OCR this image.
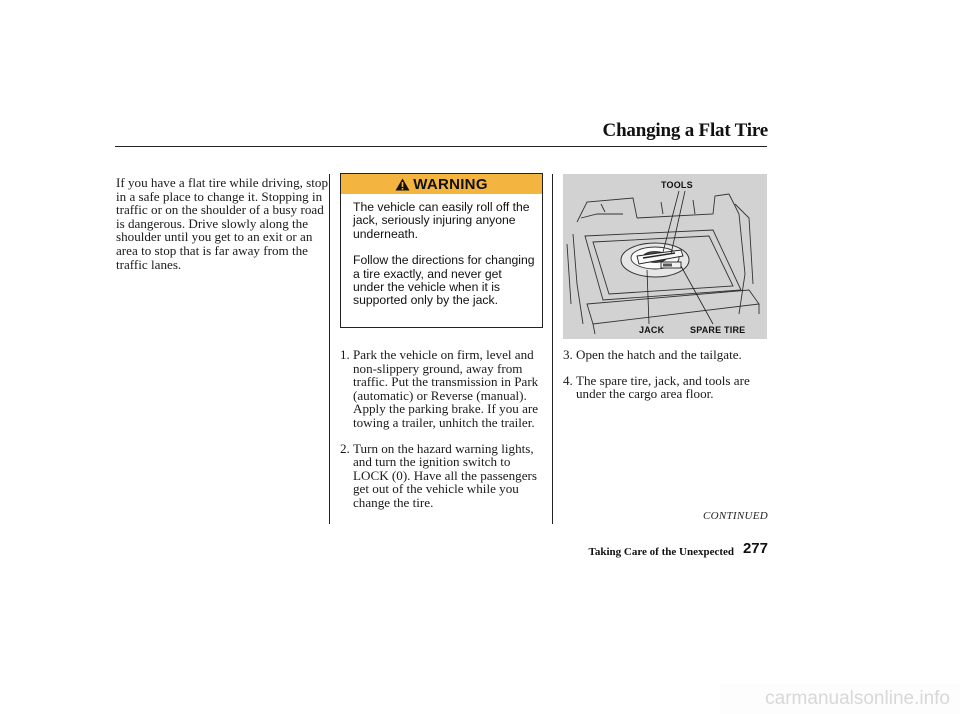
Changing a Flat Tire

If you have a flat tire while driving, stop in a safe place to change it. Stopping in traffic or on the shoulder of a busy road is dangerous. Drive slowly along the shoulder until you get to an exit or an area to stop that is far away from the traffic lanes.

WARNING

The vehicle can easily roll off the jack, seriously injuring anyone underneath.

Follow the directions for changing a tire exactly, and never get under the vehicle when it is supported only by the jack.

1. Park the vehicle on firm, level and non-slippery ground, away from traffic. Put the transmission in Park (automatic) or Reverse (manual). Apply the parking brake. If you are towing a trailer, unhitch the trailer.
2. Turn on the hazard warning lights, and turn the ignition switch to LOCK (0). Have all the passengers get out of the vehicle while you change the tire.
TOOLS
JACK	SPARE TIRE
3. Open the hatch and the tailgate.
4. The spare tire, jack, and tools are under the cargo area floor.
CONTINUED
Taking Care of the Unexpected 277
carmanualsonline.info
